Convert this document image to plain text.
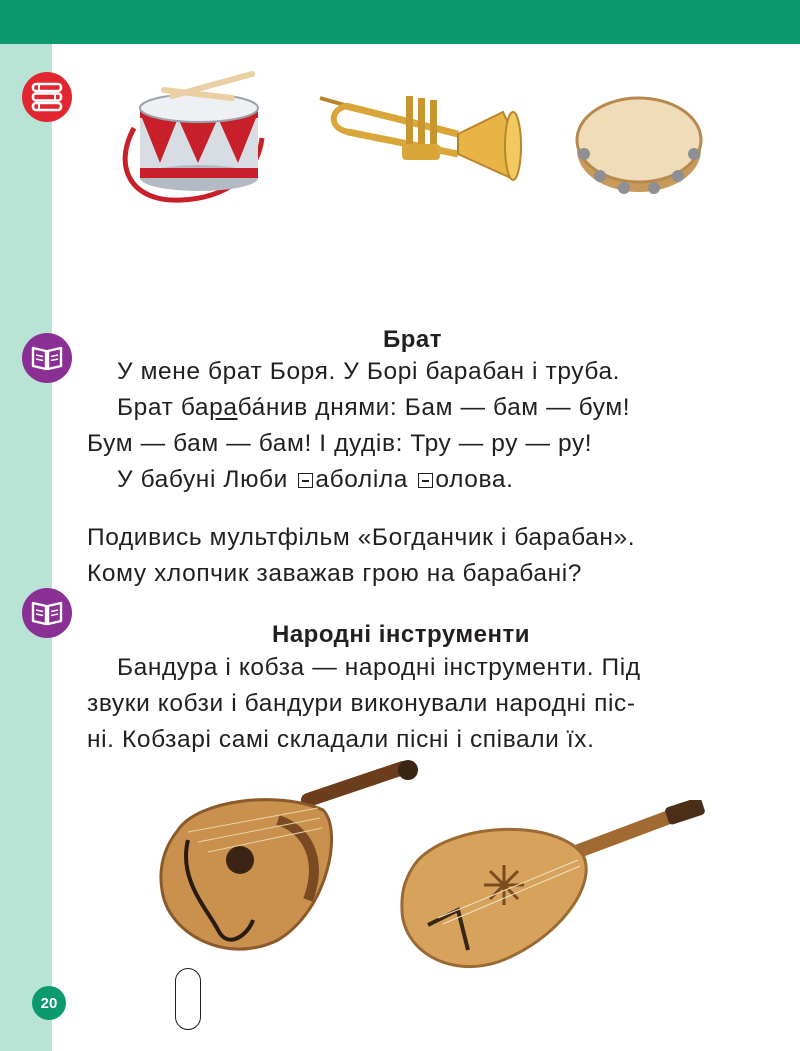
Брат
У мене брат Боря. У Борі барабан і труба.
Брат бараба́нив днями: Бам — бам — бум!
Бум — бам — бам! І дудів: Тру — ру — ру!
У бабуні Люби аболіла олова.
Подивись мультфільм «Богданчик і барабан».
Кому хлопчик заважав грою на барабані?
Народні інструменти
Бандура і кобза — народні інструменти. Під
звуки кобзи і бандури виконували народні піс-
ні. Кобзарі самі складали пісні і співали їх.
20
